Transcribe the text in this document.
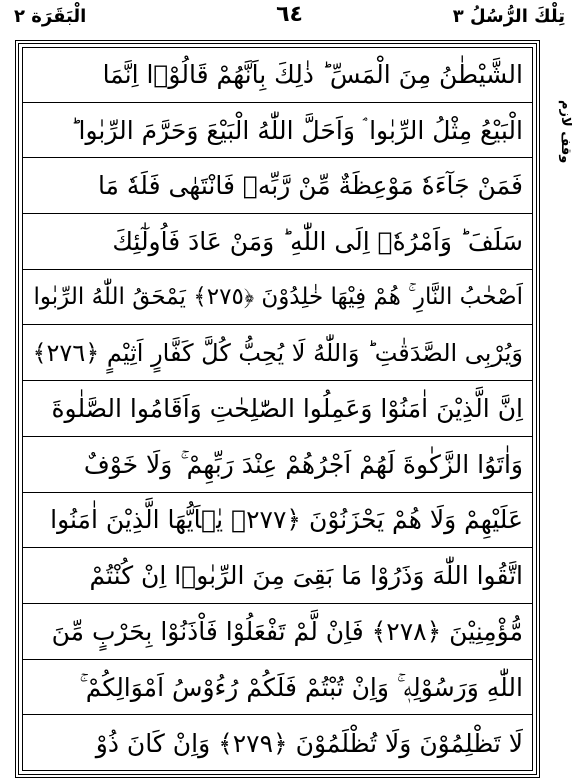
الْبَقَرَة ٢	٦٤	تِلْكَ الرُّسُلُ ٣
الشَّيْطٰنُ مِنَ الْمَسِّ ؕ ذٰلِكَ بِاَنَّهُمْ قَالُوْۤا اِنَّمَا
الْبَيْعُ مِثْلُ الرِّبٰوا ۘ وَاَحَلَّ اللّٰهُ الْبَيْعَ وَحَرَّمَ الرِّبٰوا ؕ
فَمَنْ جَآءَهٗ مَوْعِظَةٌ مِّنْ رَّبِّهٖ فَانْتَهٰى فَلَهٗ مَا
سَلَفَ ؕ وَاَمْرُهٗۤ اِلَى اللّٰهِ ؕ وَمَنْ عَادَ فَاُولٰٓئِكَ
اَصْحٰبُ النَّارِ ۚ هُمْ فِيْهَا خٰلِدُوْنَ ﴿٢٧٥﴾ يَمْحَقُ اللّٰهُ الرِّبٰوا
وَيُرْبِى الصَّدَقٰتِ ؕ وَاللّٰهُ لَا يُحِبُّ كُلَّ كَفَّارٍ اَثِيْمٍ ﴿٢٧٦﴾
اِنَّ الَّذِيْنَ اٰمَنُوْا وَعَمِلُوا الصّٰلِحٰتِ وَاَقَامُوا الصَّلٰوةَ
وَاٰتَوُا الزَّكٰوةَ لَهُمْ اَجْرُهُمْ عِنْدَ رَبِّهِمْ ۚ وَلَا خَوْفٌ
عَلَيْهِمْ وَلَا هُمْ يَحْزَنُوْنَ ﴿٢٧٧﴾ يٰۤاَيُّهَا الَّذِيْنَ اٰمَنُوا
اتَّقُوا اللّٰهَ وَذَرُوْا مَا بَقِىَ مِنَ الرِّبٰوۤا اِنْ كُنْتُمْ
مُّؤْمِنِيْنَ ﴿٢٧٨﴾ فَاِنْ لَّمْ تَفْعَلُوْا فَاْذَنُوْا بِحَرْبٍ مِّنَ
اللّٰهِ وَرَسُوْلِهٖ ۚ وَاِنْ تُبْتُمْ فَلَكُمْ رُءُوْسُ اَمْوَالِكُمْ ۚ
لَا تَظْلِمُوْنَ وَلَا تُظْلَمُوْنَ ﴿٢٧٩﴾ وَاِنْ كَانَ ذُوْ
وقف لازم
